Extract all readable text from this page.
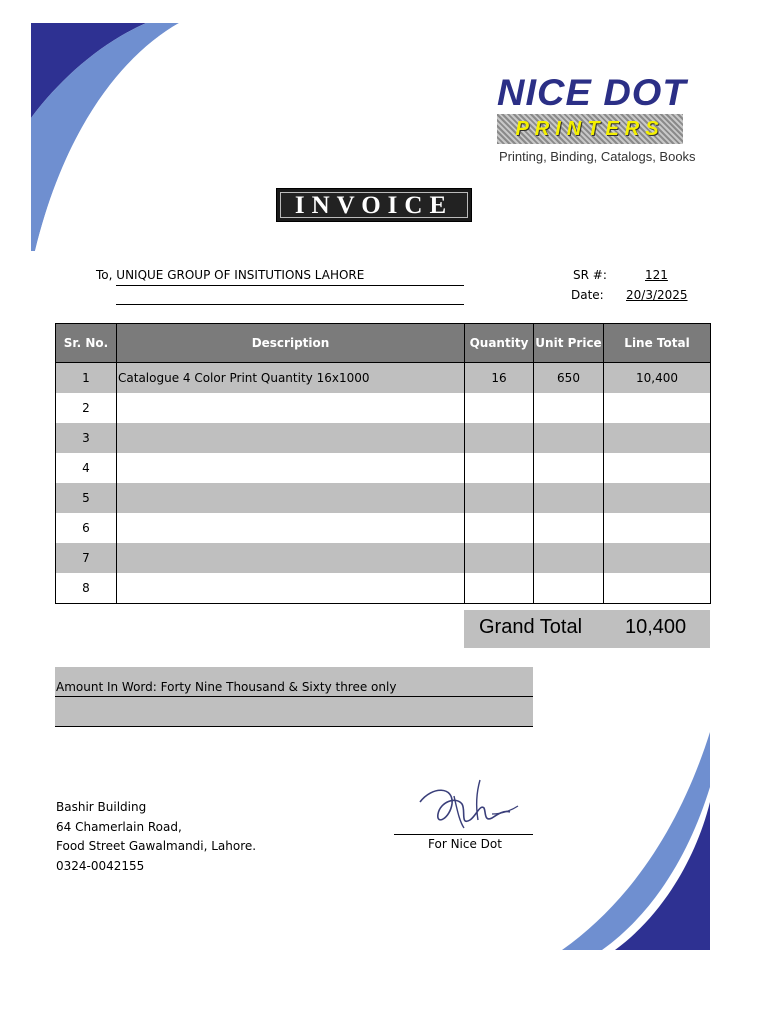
NICE DOT
PRINTERS
Printing, Binding, Catalogs, Books
INVOICE
To, UNIQUE GROUP OF INSITUTIONS LAHORE	SR #:	121
Date: 20/3/2025
Sr. No.	Description	Quantity	Unit Price	Line Total
1	Catalogue 4 Color Print Quantity 16x1000	16	650	10,400
2				
3				
4				
5				
6				
7				
8				
Grand Total 10,400
Amount In Word: Forty Nine Thousand & Sixty three only
Bashir Building
64 Chamerlain Road,
Food Street Gawalmandi, Lahore.
0324-0042155
For Nice Dot
